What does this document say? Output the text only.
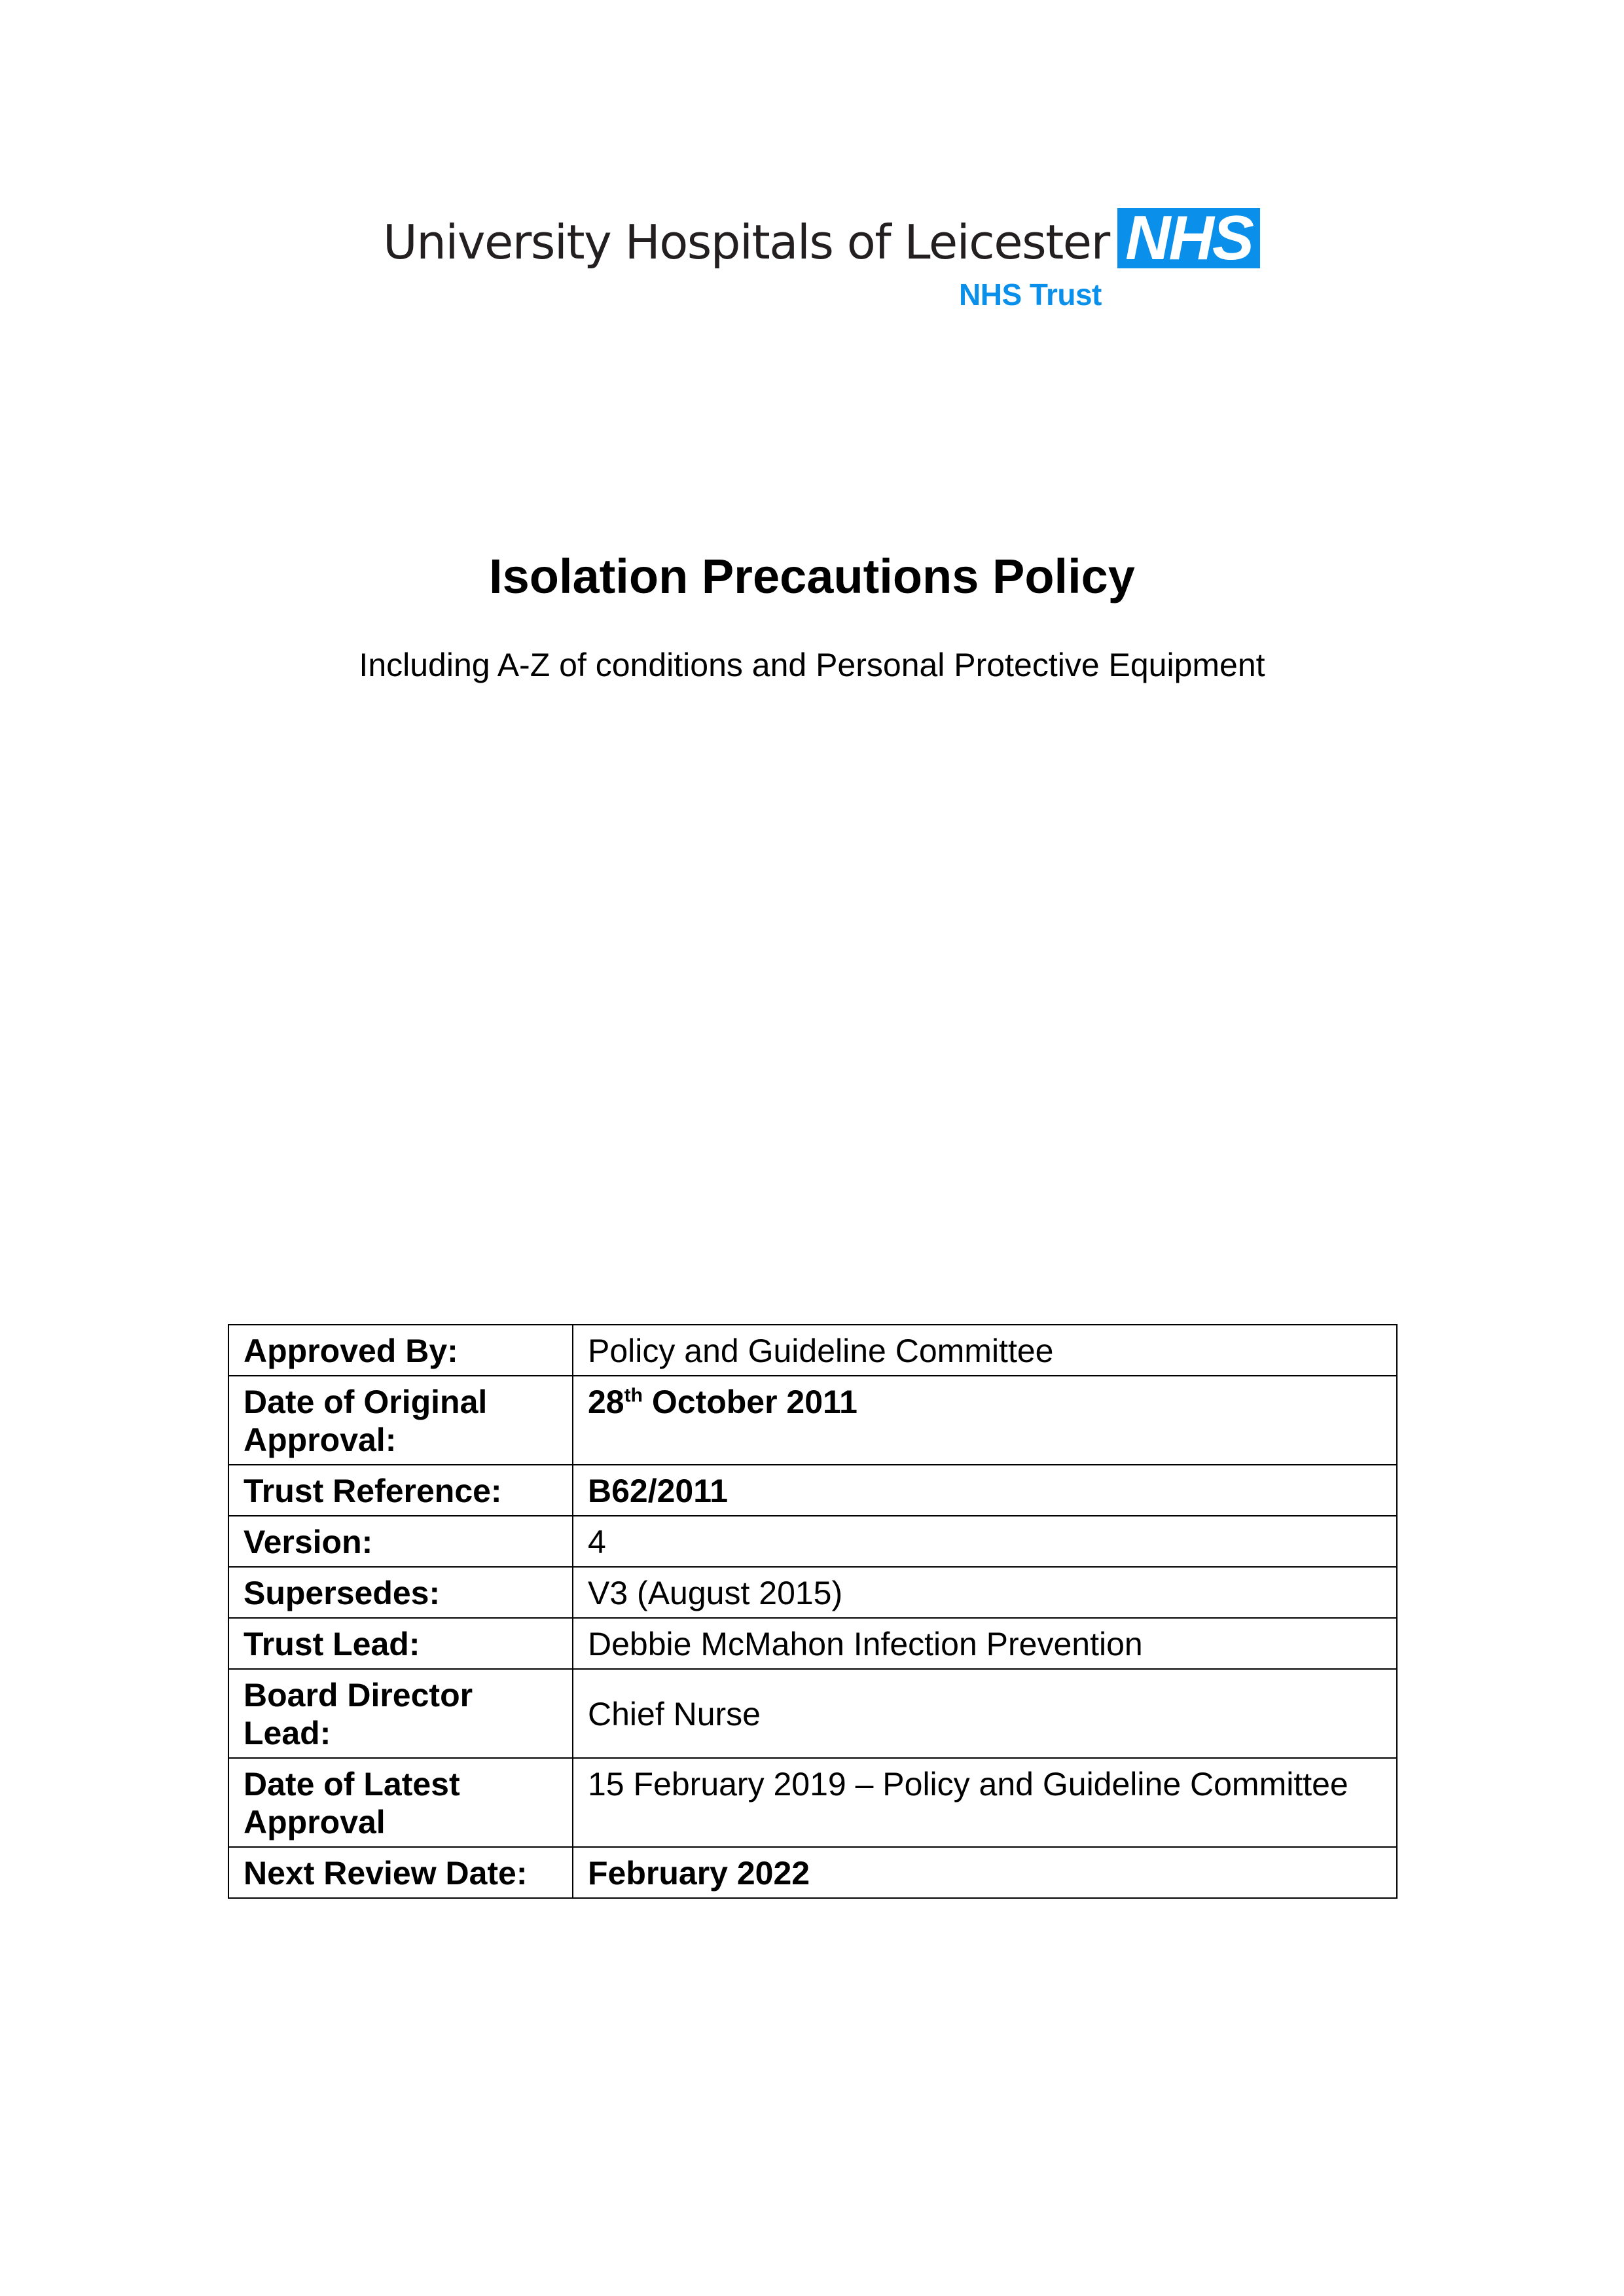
University Hospitals of Leicester NHS
NHS Trust
Isolation Precautions Policy
Including A-Z of conditions and Personal Protective Equipment
Approved By:	Policy and Guideline Committee
Date of Original Approval:	28th October 2011
Trust Reference:	B62/2011
Version:	4
Supersedes:	V3 (August 2015)
Trust Lead:	Debbie McMahon Infection Prevention
Board Director Lead:	Chief Nurse
Date of Latest Approval	15 February 2019 – Policy and Guideline Committee
Next Review Date:	February 2022
